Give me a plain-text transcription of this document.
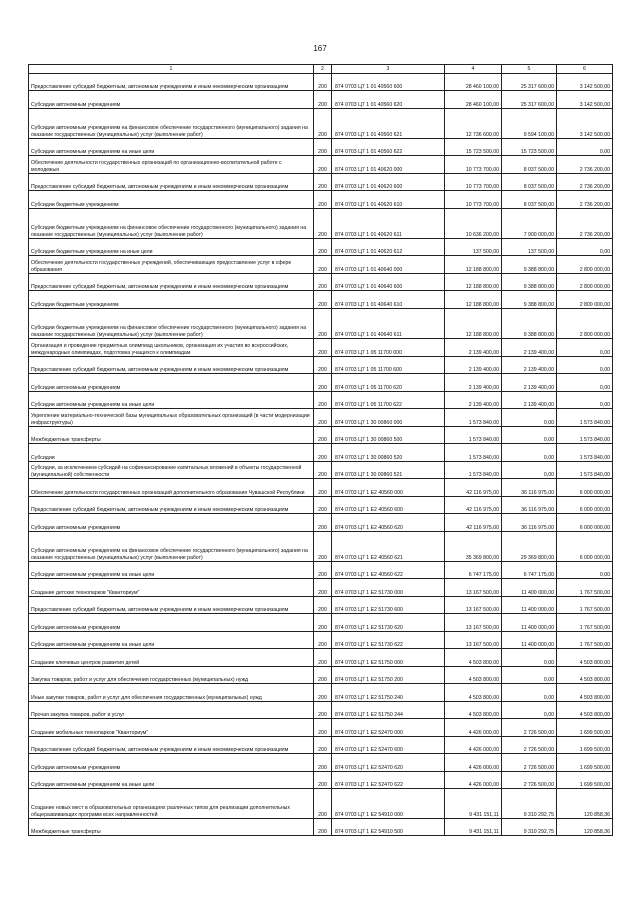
167
1	2	3	4	5	6
Предоставление субсидий бюджетным, автономным учреждениям и иным некоммерческим организациям	200	874 0703 Ц7 1 01 40560 600	28 460 100,00	25 317 600,00	3 142 500,00
Субсидии автономным учреждениям	200	874 0703 Ц7 1 01 40560 620	28 460 100,00	25 317 600,00	3 142 500,00
Субсидии автономным учреждениям на финансовое обеспечение государственного (муниципального) задания на оказание государственных (муниципальных) услуг (выполнение работ)	200	874 0703 Ц7 1 01 40560 621	12 736 600,00	9 594 100,00	3 142 500,00
Субсидии автономным учреждениям на иные цели	200	874 0703 Ц7 1 01 40560 622	15 723 500,00	15 723 500,00	0,00
Обеспечение деятельности государственных организаций по организационно-воспитательной работе с молодежью	200	874 0703 Ц7 1 01 40620 000	10 773 700,00	8 037 500,00	2 736 200,00
Предоставление субсидий бюджетным, автономным учреждениям и иным некоммерческим организациям	200	874 0703 Ц7 1 01 40620 600	10 773 700,00	8 037 500,00	2 736 200,00
Субсидии бюджетным учреждениям	200	874 0703 Ц7 1 01 40620 610	10 773 700,00	8 037 500,00	2 736 200,00
Субсидии бюджетным учреждениям на финансовое обеспечение государственного (муниципального) задания на оказание государственных (муниципальных) услуг (выполнение работ)	200	874 0703 Ц7 1 01 40620 611	10 636 200,00	7 900 000,00	2 736 200,00
Субсидии бюджетным учреждениям на иные цели	200	874 0703 Ц7 1 01 40620 612	137 500,00	137 500,00	0,00
Обеспечение деятельности государственных учреждений, обеспечивающих предоставление услуг в сфере образования	200	874 0703 Ц7 1 01 40640 000	12 188 800,00	9 388 800,00	2 800 000,00
Предоставление субсидий бюджетным, автономным учреждениям и иным некоммерческим организациям	200	874 0703 Ц7 1 01 40640 600	12 188 800,00	9 388 800,00	2 800 000,00
Субсидии бюджетным учреждениям	200	874 0703 Ц7 1 01 40640 610	12 188 800,00	9 388 800,00	2 800 000,00
Субсидии бюджетным учреждениям на финансовое обеспечение государственного (муниципального) задания на оказание государственных (муниципальных) услуг (выполнение работ)	200	874 0703 Ц7 1 01 40640 611	12 188 800,00	9 388 800,00	2 800 000,00
Организация и проведение предметных олимпиад школьников, организация их участия во всероссийских, международных олимпиадах, подготовка учащихся к олимпиадам	200	874 0703 Ц7 1 05 11700 000	2 139 400,00	2 139 400,00	0,00
Предоставление субсидий бюджетным, автономным учреждениям и иным некоммерческим организациям	200	874 0703 Ц7 1 05 11700 600	2 139 400,00	2 139 400,00	0,00
Субсидии автономным учреждениям	200	874 0703 Ц7 1 05 11700 620	2 139 400,00	2 139 400,00	0,00
Субсидии автономным учреждениям на иные цели	200	874 0703 Ц7 1 05 11700 622	2 139 400,00	2 139 400,00	0,00
Укрепление материально-технической базы муниципальных образовательных организаций (в части модернизации инфраструктуры)	200	874 0703 Ц7 1 30 00860 000	1 573 840,00	0,00	1 573 840,00
Межбюджетные трансферты	200	874 0703 Ц7 1 30 00860 500	1 573 840,00	0,00	1 573 840,00
Субсидии	200	874 0703 Ц7 1 30 00860 520	1 573 840,00	0,00	1 573 840,00
Субсидии, за исключением субсидий на софинансирование капитальных вложений в объекты государственной (муниципальной) собственности	200	874 0703 Ц7 1 30 00860 521	1 573 840,00	0,00	1 573 840,00
Обеспечение деятельности государственных организаций дополнительного образования Чувашской Республики	200	874 0703 Ц7 1 E2 40560 000	42 116 975,00	36 116 975,00	6 000 000,00
Предоставление субсидий бюджетным, автономным учреждениям и иным некоммерческим организациям	200	874 0703 Ц7 1 E2 40560 600	42 116 975,00	36 116 975,00	6 000 000,00
Субсидии автономным учреждениям	200	874 0703 Ц7 1 E2 40560 620	42 116 975,00	36 116 975,00	6 000 000,00
Субсидии автономным учреждениям на финансовое обеспечение государственного (муниципального) задания на оказание государственных (муниципальных) услуг (выполнение работ)	200	874 0703 Ц7 1 E2 40560 621	35 369 800,00	29 369 800,00	6 000 000,00
Субсидии автономным учреждениям на иные цели	200	874 0703 Ц7 1 E2 40560 622	6 747 175,00	6 747 175,00	0,00
Создание детских технопарков "Кванториум"	200	874 0703 Ц7 1 E2 51730 000	13 167 500,00	11 400 000,00	1 767 500,00
Предоставление субсидий бюджетным, автономным учреждениям и иным некоммерческим организациям	200	874 0703 Ц7 1 E2 51730 600	13 167 500,00	11 400 000,00	1 767 500,00
Субсидии автономным учреждениям	200	874 0703 Ц7 1 E2 51730 620	13 167 500,00	11 400 000,00	1 767 500,00
Субсидии автономным учреждениям на иные цели	200	874 0703 Ц7 1 E2 51730 622	13 167 500,00	11 400 000,00	1 767 500,00
Создание ключевых центров развития детей	200	874 0703 Ц7 1 E2 51750 000	4 503 800,00	0,00	4 503 800,00
Закупка товаров, работ и услуг для обеспечения государственных (муниципальных) нужд	200	874 0703 Ц7 1 E2 51750 200	4 503 800,00	0,00	4 503 800,00
Иные закупки товаров, работ и услуг для обеспечения государственных (муниципальных) нужд	200	874 0703 Ц7 1 E2 51750 240	4 503 800,00	0,00	4 503 800,00
Прочая закупка товаров, работ и услуг	200	874 0703 Ц7 1 E2 51750 244	4 503 800,00	0,00	4 503 800,00
Создание мобильных технопарков "Кванториум"	200	874 0703 Ц7 1 E2 52470 000	4 426 000,00	2 726 500,00	1 699 500,00
Предоставление субсидий бюджетным, автономным учреждениям и иным некоммерческим организациям	200	874 0703 Ц7 1 E2 52470 600	4 426 000,00	2 726 500,00	1 699 500,00
Субсидии автономным учреждениям	200	874 0703 Ц7 1 E2 52470 620	4 426 000,00	2 726 500,00	1 699 500,00
Субсидии автономным учреждениям на иные цели	200	874 0703 Ц7 1 E2 52470 622	4 426 000,00	2 726 500,00	1 699 500,00
Создание новых мест в образовательных организациях различных типов для реализации дополнительных общеразвивающих программ всех направленностей	200	874 0703 Ц7 1 E2 54910 000	9 431 151,11	9 310 292,75	120 858,36
Межбюджетные трансферты	200	874 0703 Ц7 1 E2 54910 500	9 431 151,11	9 310 292,75	120 858,36
